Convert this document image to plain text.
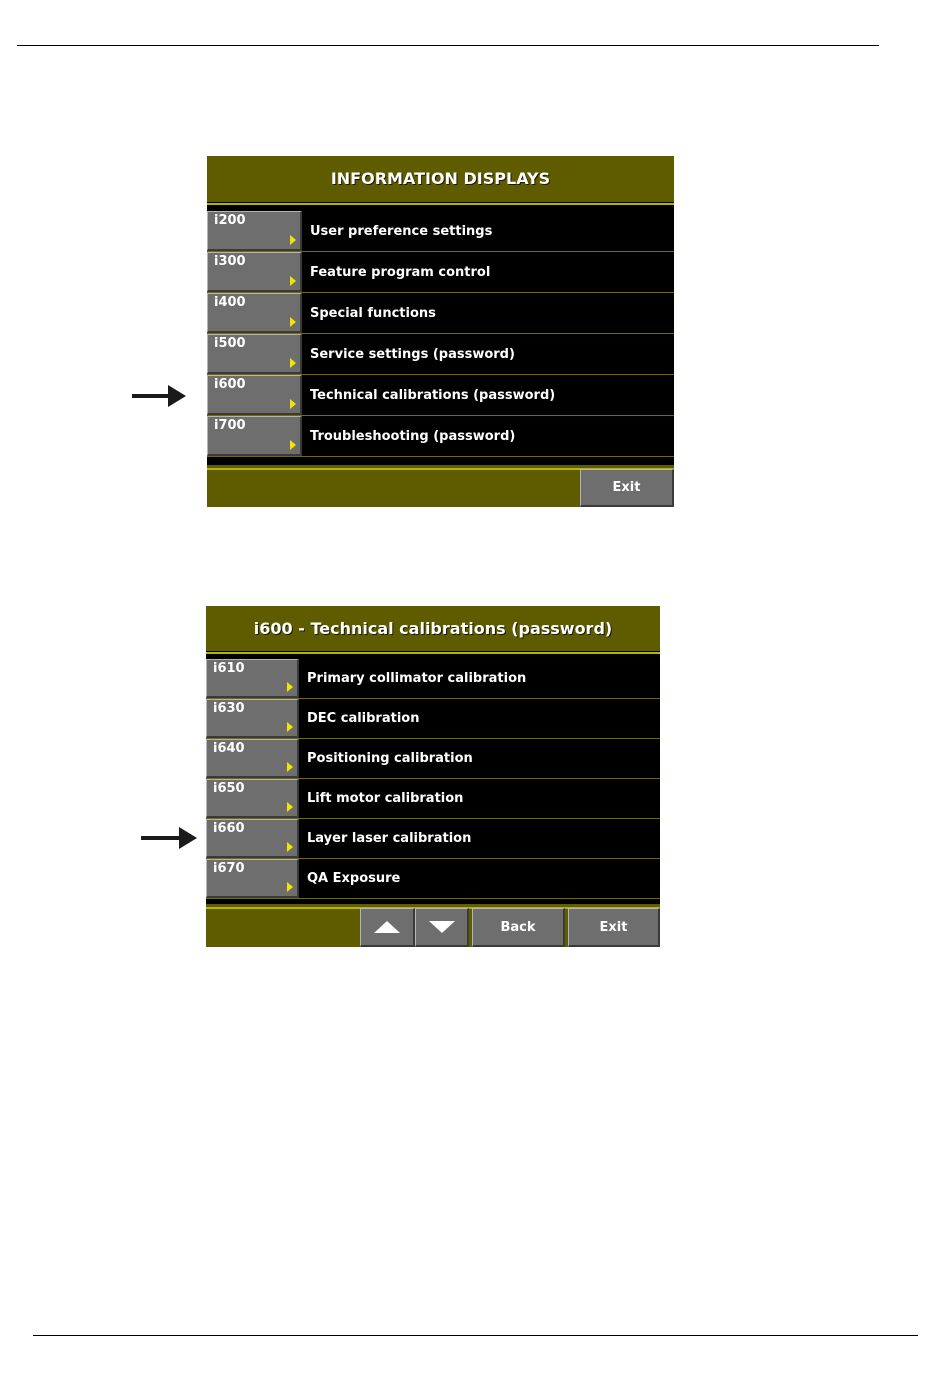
INFORMATION DISPLAYS
i200
User preference settings
i300
Feature program control
i400
Special functions
i500
Service settings (password)
i600
Technical calibrations (password)
i700
Troubleshooting (password)
Exit
i600 - Technical calibrations (password)
i610
Primary collimator calibration
i630
DEC calibration
i640
Positioning calibration
i650
Lift motor calibration
i660
Layer laser calibration
i670
QA Exposure
Back	Exit
